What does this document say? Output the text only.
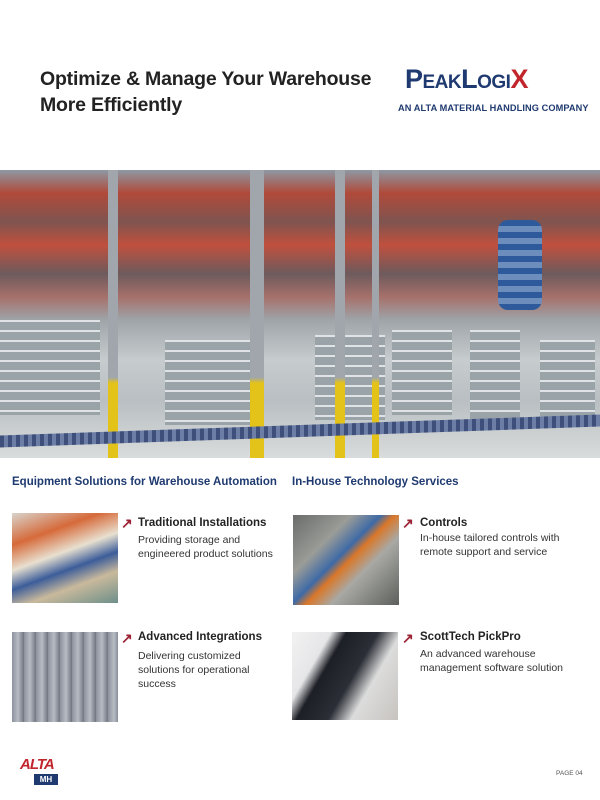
Optimize & Manage Your Warehouse
More Efficiently
PeakLogiX
AN ALTA MATERIAL HANDLING COMPANY
Equipment Solutions for Warehouse Automation In-House Technology Services
↗ Traditional Installations
Providing storage and engineered product solutions
↗ Advanced Integrations
Delivering customized solutions for operational success
↗ Controls
In-house tailored controls with remote support and service
↗ ScottTech PickPro
An advanced warehouse management software solution
ALTA
MH
PAGE 04
